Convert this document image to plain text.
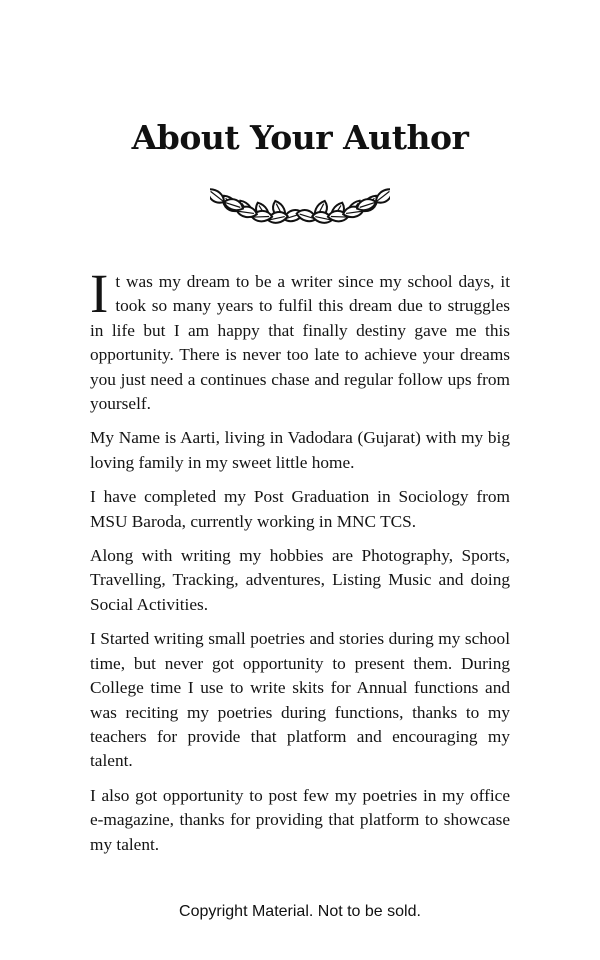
About Your Author

It was my dream to be a writer since my school days, it took so many years to fulfil this dream due to struggles in life but I am happy that finally destiny gave me this opportunity. There is never too late to achieve your dreams you just need a continues chase and regular follow ups from yourself.

My Name is Aarti, living in Vadodara (Gujarat) with my big loving family in my sweet little home.

I have completed my Post Graduation in Sociology from MSU Baroda, currently working in MNC TCS.

Along with writing my hobbies are Photography, Sports, Travelling, Tracking, adventures, Listing Music and doing Social Activities.

I Started writing small poetries and stories during my school time, but never got opportunity to present them. During College time I use to write skits for Annual functions and was reciting my poetries during functions, thanks to my teachers for provide that platform and encouraging my talent.

I also got opportunity to post few my poetries in my office e-magazine, thanks for providing that platform to showcase my talent.

Copyright Material. Not to be sold.
